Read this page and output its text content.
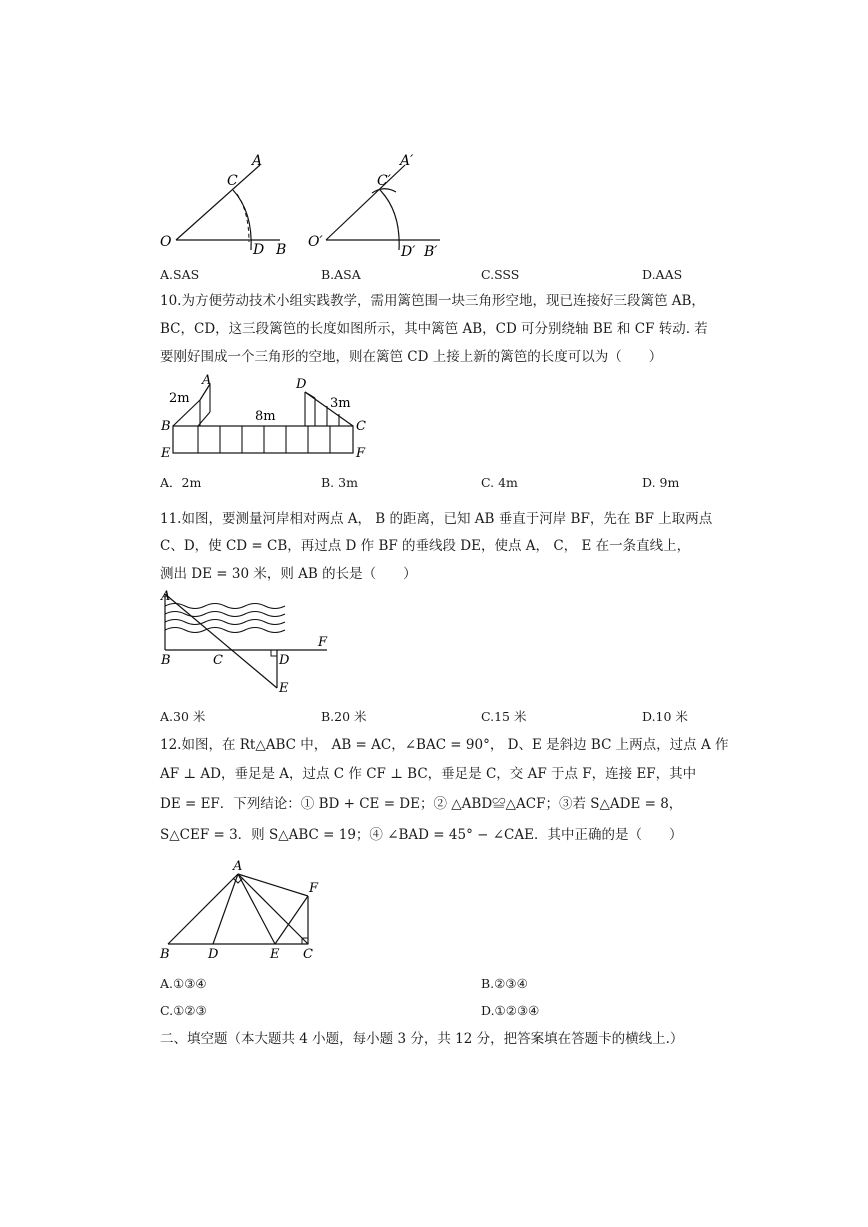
A
C
O	D B
A′
C′
O′
D′ B′
A.SAS	B.ASA	C.SSS	D.AAS
10.为方便劳动技术小组实践教学，需用篱笆围一块三角形空地，现已连接好三段篱笆 AB，
BC，CD，这三段篱笆的长度如图所示，其中篱笆 AB，CD 可分别绕轴 BE 和 CF 转动. 若
要刚好围成一个三角形的空地，则在篱笆 CD 上接上新的篱笆的长度可以为（　　）
A
2m
B
E
8m
D
3m
C
F
A．2m	B. 3m	C. 4m	D. 9m
11.如图，要测量河岸相对两点 A， B 的距离，已知 AB 垂直于河岸 BF，先在 BF 上取两点
C、D，使 CD = CB，再过点 D 作 BF 的垂线段 DE，使点 A， C， E 在一条直线上，
测出 DE = 30 米，则 AB 的长是（　　）
A
B	C	D
E
F
A.30 米	B.20 米	C.15 米	D.10 米
12.如图，在 Rt△ABC 中， AB = AC，∠BAC = 90°， D、E 是斜边 BC 上两点，过点 A 作
AF ⊥ AD，垂足是 A，过点 C 作 CF ⊥ BC，垂足是 C，交 AF 于点 F，连接 EF，其中
DE = EF．下列结论：① BD + CE = DE；② △ABD≌△ACF；③若 S△ADE = 8，
S△CEF = 3．则 S△ABC = 19；④ ∠BAD = 45° − ∠CAE．其中正确的是（　　）
A
F
B	D	E C
A.①③④	B.②③④
C.①②③	D.①②③④
二、填空题（本大题共 4 小题，每小题 3 分，共 12 分，把答案填在答题卡的横线上.）
